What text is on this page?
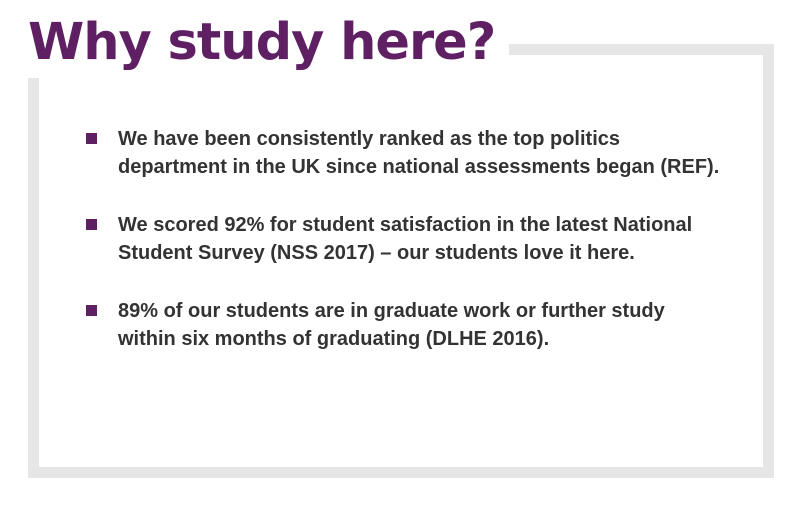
Why study here?
We have been consistently ranked as the top politics department in the UK since national assessments began (REF).
We scored 92% for student satisfaction in the latest National Student Survey (NSS 2017) – our students love it here.
89% of our students are in graduate work or further study within six months of graduating (DLHE 2016).
